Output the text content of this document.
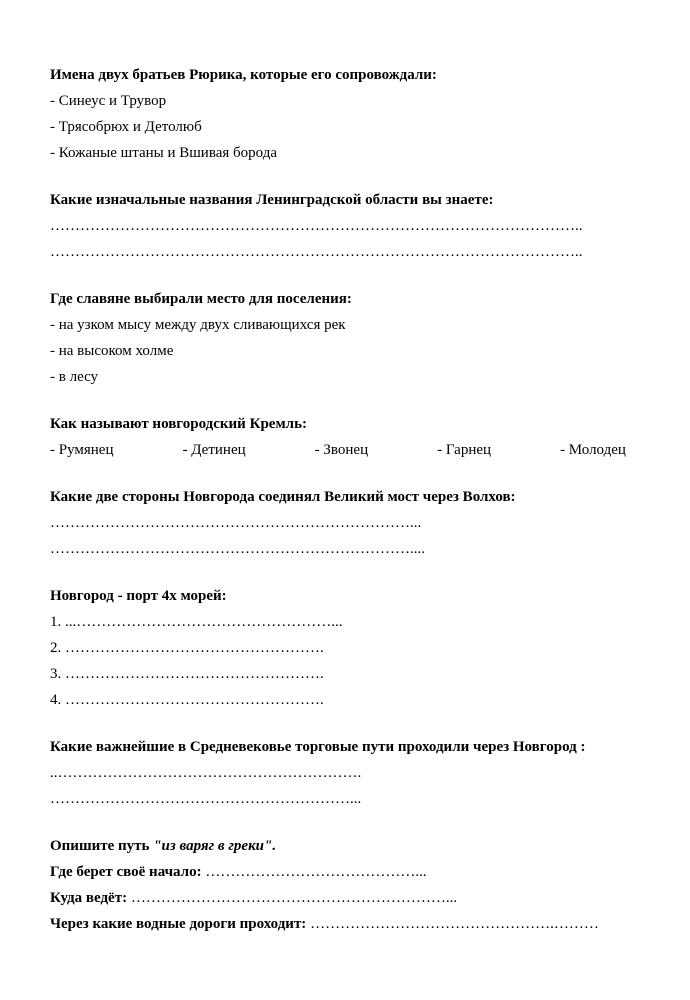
Имена двух братьев Рюрика, которые его сопровождали:

- Синеус и Трувор

- Трясобрюх и Детолюб

- Кожаные штаны и Вшивая борода

Какие изначальные названия Ленинградской области вы знаете:

……………………………………………………………………………………………..

……………………………………………………………………………………………..

Где славяне выбирали место для поселения:

- на узком мысу между двух сливающихся рек

- на высоком холме

- в лесу

Как называют новгородский Кремль:

- Румянец	- Детинец	- Звонец	- Гарнец	- Молодец

Какие две стороны Новгорода соединял Великий мост через Волхов:

………………………………………………………………...

………………………………………………………………....

Новгород - порт 4х морей:

1. ...……………………………………………...

2. …………………………………………….

3. …………………………………………….

4. …………………………………………….

Какие важнейшие в Средневековье торговые пути проходили через Новгород :

..…………………………………………………….

……………………………………………………...

Опишите путь "из варяг в греки".

Где берет своё начало: ……………………………………...

Куда ведёт: ………………………………………………………...

Через какие водные дороги проходит: ………………………………………….………
